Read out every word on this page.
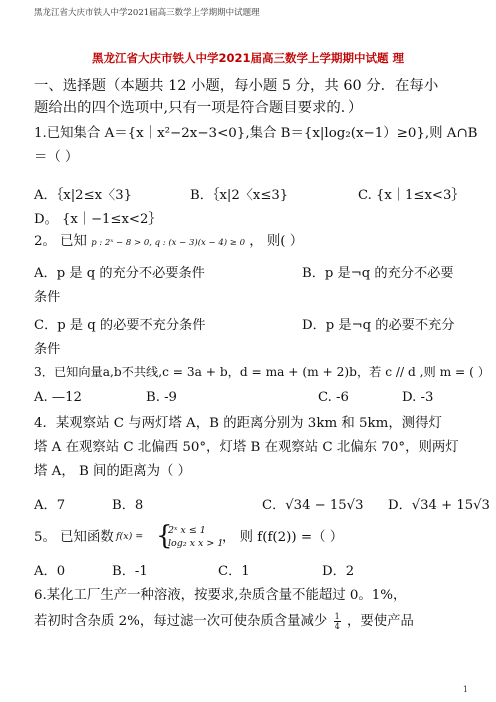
黑龙江省大庆市铁人中学2021届高三数学上学期期中试题理
黑龙江省大庆市铁人中学2021届高三数学上学期期中试题 理
一、选择题（本题共 12 小题，每小题 5 分，共 60 分．在每小
题给出的四个选项中,只有一项是符合题目要求的．）
1.已知集合 A＝{x｜x²−2x−3<0},集合 B＝{x|log₂(x−1）≥0},则 A∩B
＝（ ）
A．｛x|2≤x〈3}	B．｛x|2〈x≤3}	C. {x｜1≤x<3｝
D。 {x｜−1≤x<2｝
2。 已知 p : 2ˣ − 8 > 0, q : (x − 3)(x − 4) ≥ 0 ， 则( ）
A．p 是 q 的充分不必要条件	B．p 是¬q 的充分不必要
条件
C．p 是 q 的必要不充分条件	D．p 是¬q 的必要不充分
条件
3．已知向量a,b不共线,c = 3a + b，d = ma + (m + 2)b，若 c // d ,则 m = ( ）
A. —12	B. -9	C. -6	D. -3
4．某观察站 C 与两灯塔 A，B 的距离分别为 3km 和 5km，测得灯
塔 A 在观察站 C 北偏西 50°，灯塔 B 在观察站 C 北偏东 70°，则两灯
塔 A， B 间的距离为（ ）
A．7	B．8	C．√34 − 15√3 D．√34 + 15√3
5。 已知函数 f(x) = {
2ˣ x ≤ 1
log₂ x x > 1
， 则 f(f(2)) =（ ）
A．0	B．-1	C．1	D．2
6.某化工厂生产一种溶液，按要求,杂质含量不能超过 0。1%，
若初时含杂质 2%，每过滤一次可使杂质含量减少 $\frac{1}{4}$ ，要使产品
1
